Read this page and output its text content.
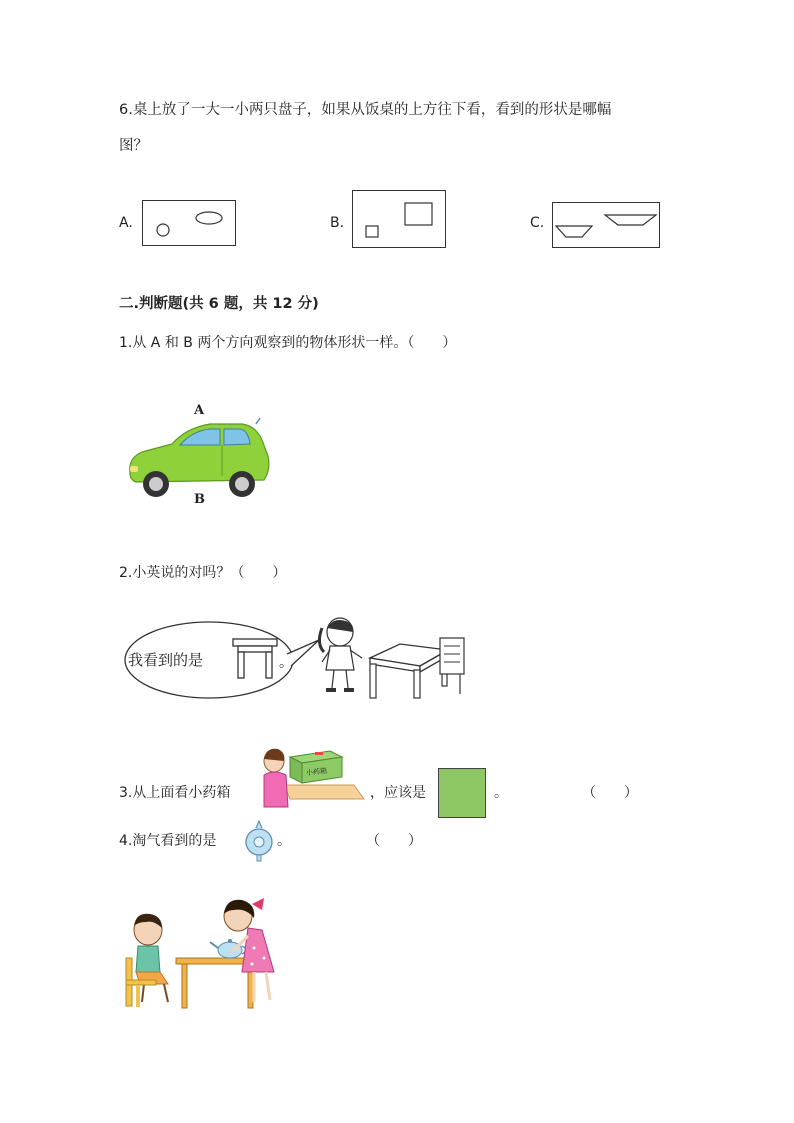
6.桌上放了一大一小两只盘子，如果从饭桌的上方往下看，看到的形状是哪幅
图？
A.	B.	C.
二.判断题(共 6 题，共 12 分)
1.从 A 和 B 两个方向观察到的物体形状一样。（　　）
A
B
2.小英说的对吗？（　　）
我看到的是	。
小药箱
3.从上面看小药箱	，应该是	。	（　　）
4.淘气看到的是	。	（　　）
